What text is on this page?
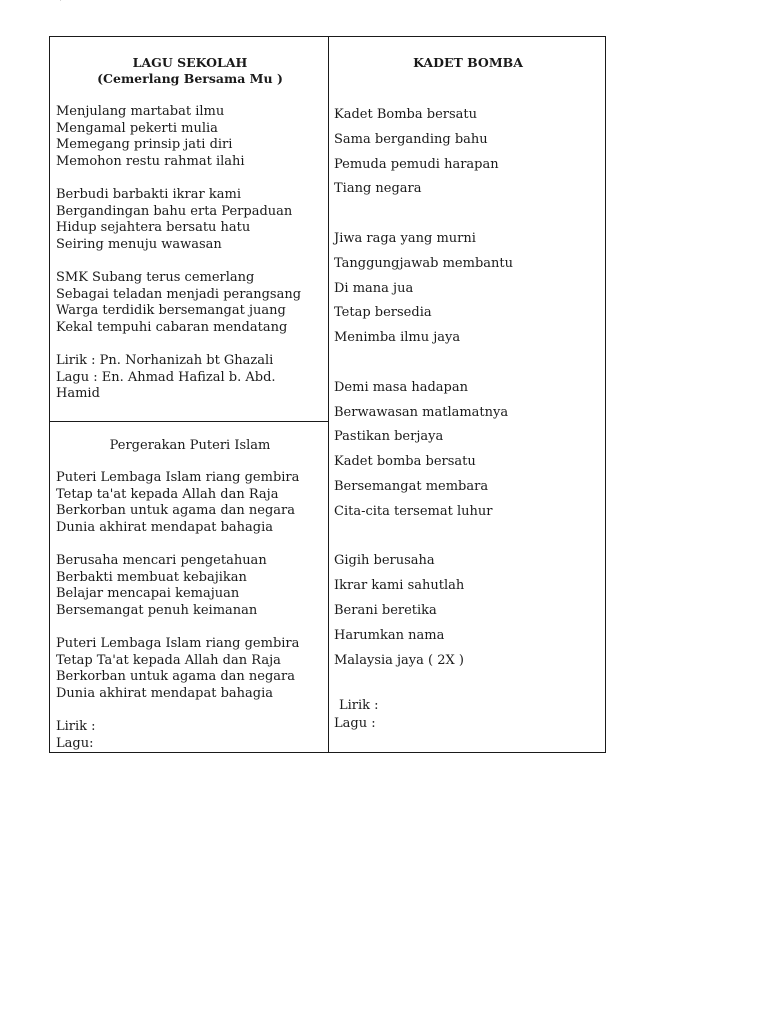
`
LAGU SEKOLAH
(Cemerlang Bersama Mu )
Menjulang martabat ilmu
Mengamal pekerti mulia
Memegang prinsip jati diri
Memohon restu rahmat ilahi
Berbudi barbakti ikrar kami
Bergandingan bahu erta Perpaduan
Hidup sejahtera bersatu hatu
Seiring menuju wawasan
SMK Subang terus cemerlang
Sebagai teladan menjadi perangsang
Warga terdidik bersemangat juang
Kekal tempuhi cabaran mendatang
Lirik : Pn. Norhanizah bt Ghazali
Lagu : En. Ahmad Hafizal b. Abd.
Hamid
Pergerakan Puteri Islam
Puteri Lembaga Islam riang gembira
Tetap ta'at kepada Allah dan Raja
Berkorban untuk agama dan negara
Dunia akhirat mendapat bahagia
Berusaha mencari pengetahuan
Berbakti membuat kebajikan
Belajar mencapai kemajuan
Bersemangat penuh keimanan
Puteri Lembaga Islam riang gembira
Tetap Ta'at kepada Allah dan Raja
Berkorban untuk agama dan negara
Dunia akhirat mendapat bahagia
Lirik :
Lagu:
KADET BOMBA
Kadet Bomba bersatu
Sama berganding bahu
Pemuda pemudi harapan
Tiang negara
Jiwa raga yang murni
Tanggungjawab membantu
Di mana jua
Tetap bersedia
Menimba ilmu jaya
Demi masa hadapan
Berwawasan matlamatnya
Pastikan berjaya
Kadet bomba bersatu
Bersemangat membara
Cita-cita tersemat luhur
Gigih berusaha
Ikrar kami sahutlah
Berani beretika
Harumkan nama
Malaysia jaya ( 2X )
Lirik :
Lagu :
